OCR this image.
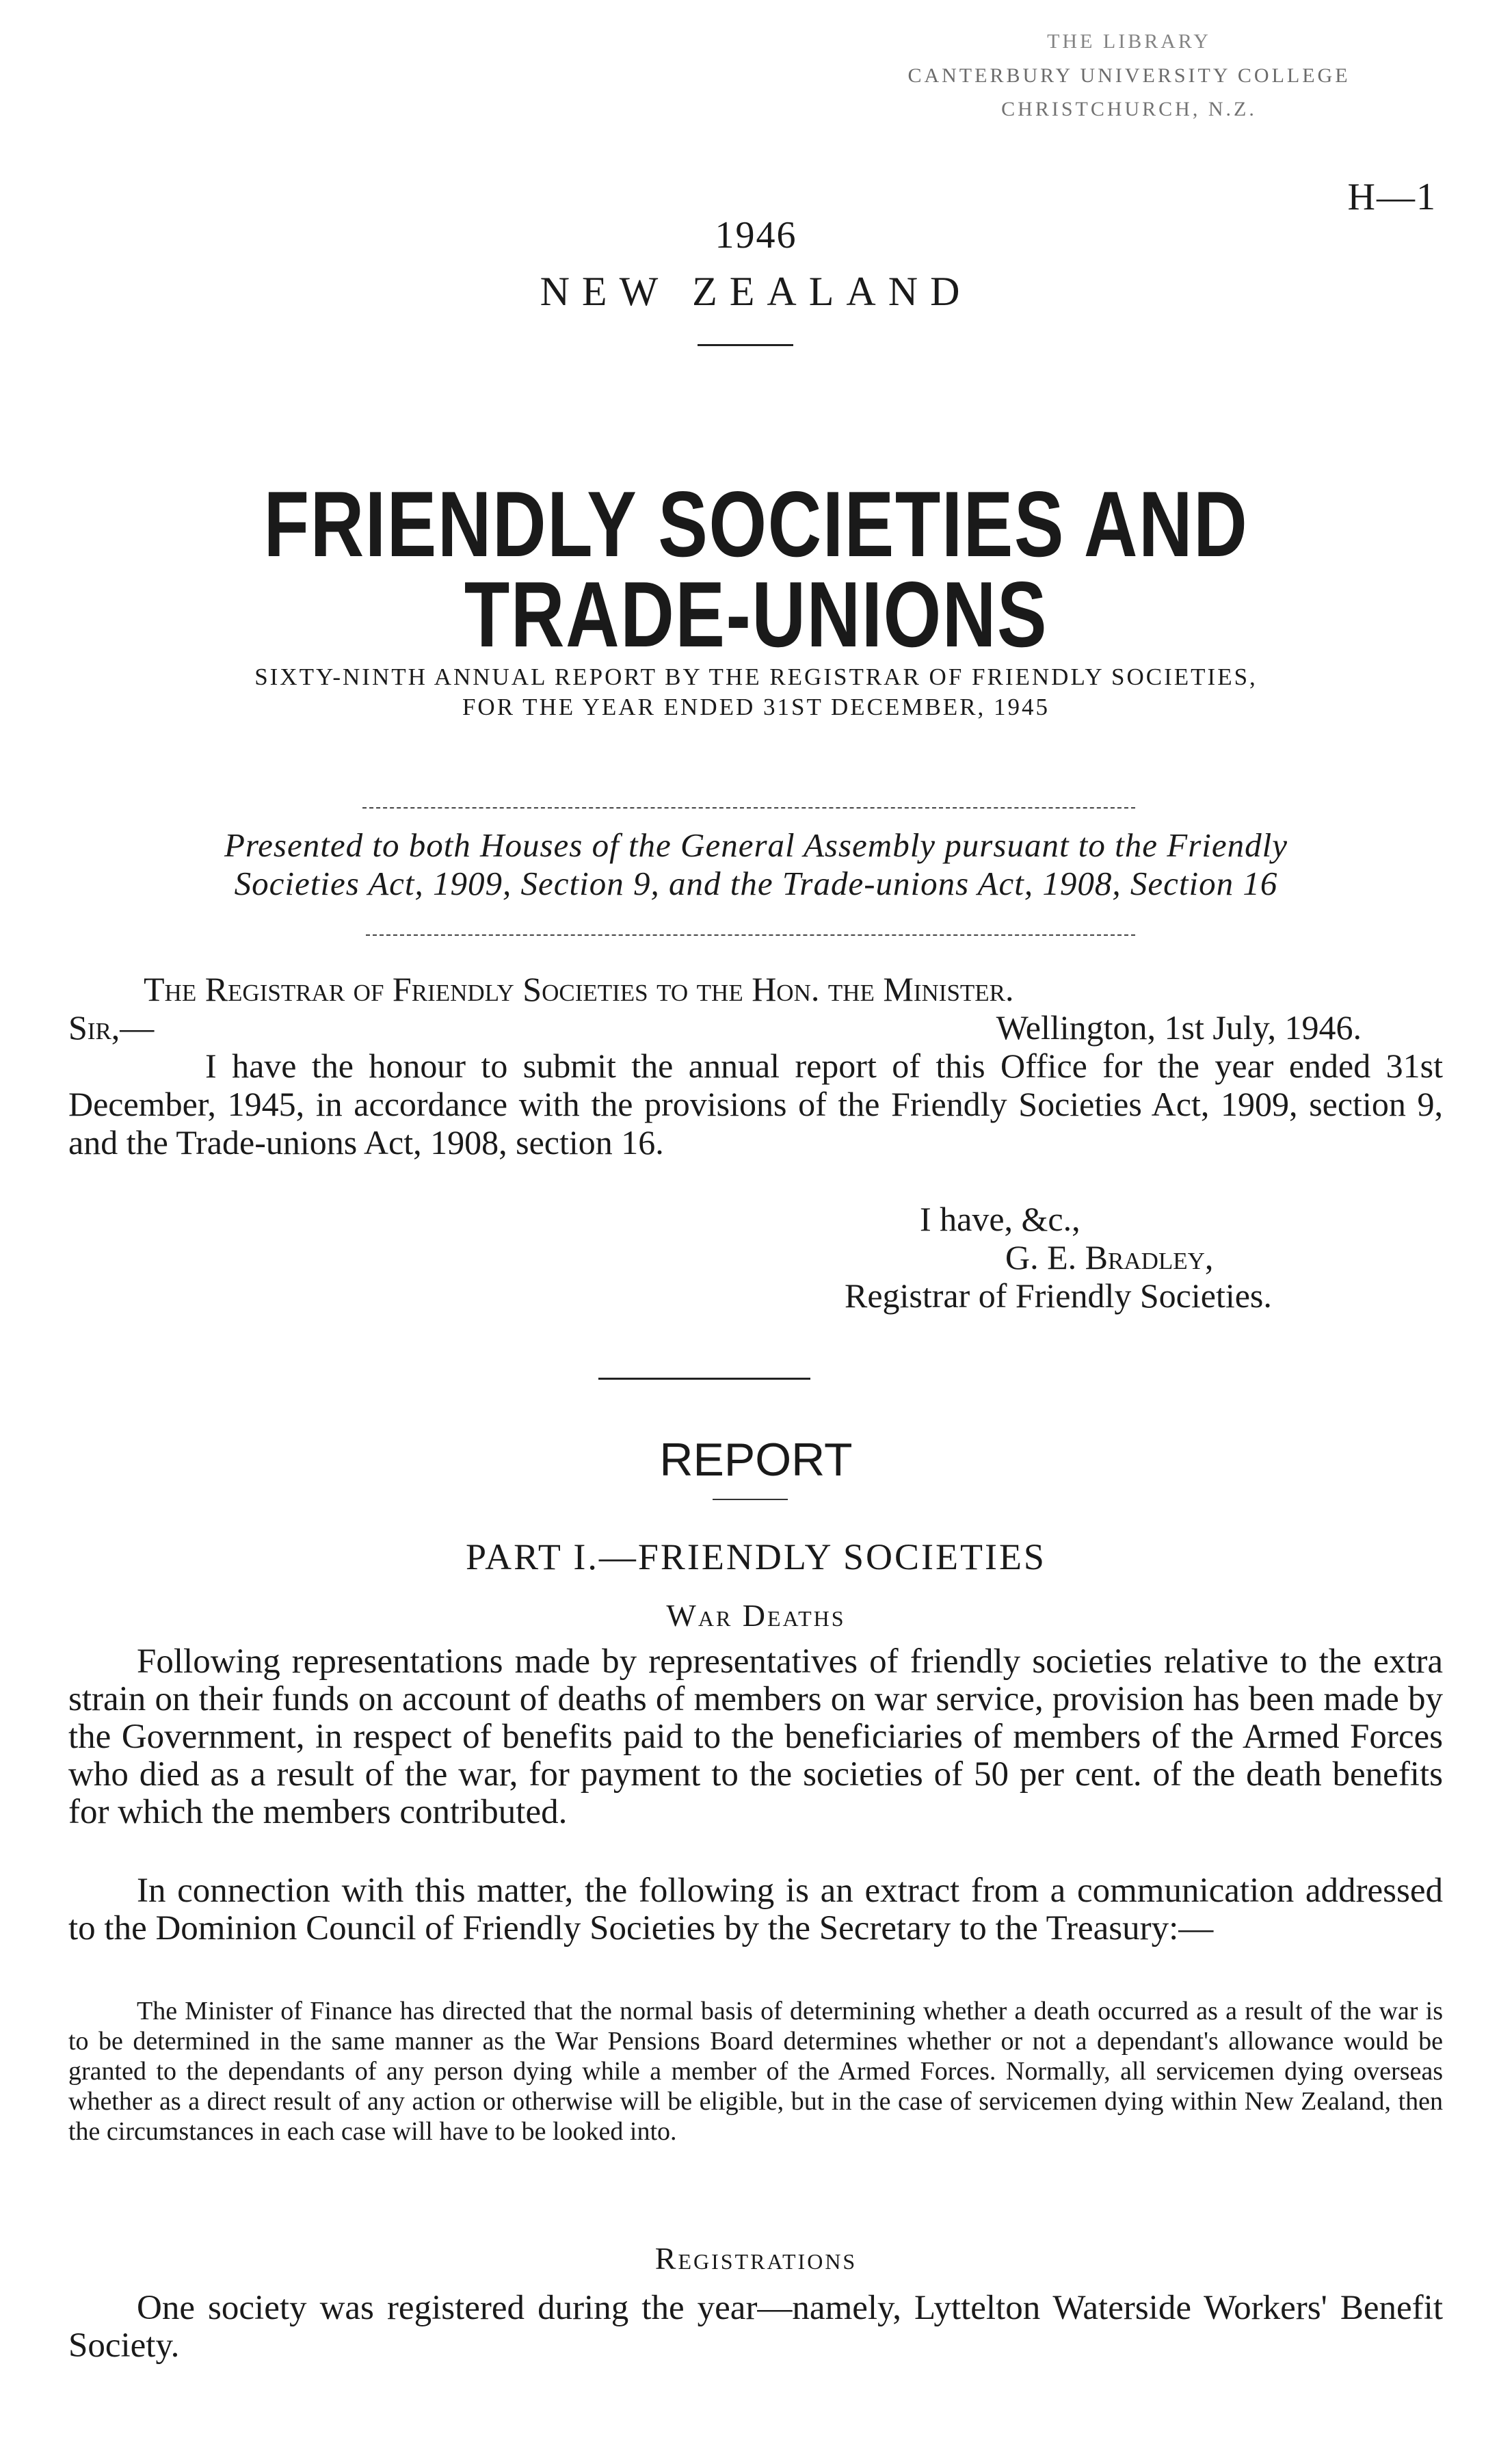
THE LIBRARY
CANTERBURY UNIVERSITY COLLEGE
CHRISTCHURCH, N.Z.
H—1
1946
NEW ZEALAND
FRIENDLY SOCIETIES AND
TRADE-UNIONS
SIXTY-NINTH ANNUAL REPORT BY THE REGISTRAR OF FRIENDLY SOCIETIES,
FOR THE YEAR ENDED 31ST DECEMBER, 1945
Presented to both Houses of the General Assembly pursuant to the Friendly
Societies Act, 1909, Section 9, and the Trade-unions Act, 1908, Section 16
The Registrar of Friendly Societies to the Hon. the Minister.
Sir,—	Wellington, 1st July, 1946.
I have the honour to submit the annual report of this Office for the year ended 31st December, 1945, in accordance with the provisions of the Friendly Societies Act, 1909, section 9, and the Trade-unions Act, 1908, section 16.
I have, &c.,
G. E. Bradley,
Registrar of Friendly Societies.
REPORT
PART I.—FRIENDLY SOCIETIES
War Deaths
Following representations made by representatives of friendly societies relative to the extra strain on their funds on account of deaths of members on war service, provision has been made by the Government, in respect of benefits paid to the beneficiaries of members of the Armed Forces who died as a result of the war, for payment to the societies of 50 per cent. of the death benefits for which the members contributed.
In connection with this matter, the following is an extract from a communication addressed to the Dominion Council of Friendly Societies by the Secretary to the Treasury:—
The Minister of Finance has directed that the normal basis of determining whether a death occurred as a result of the war is to be determined in the same manner as the War Pensions Board determines whether or not a dependant's allowance would be granted to the dependants of any person dying while a member of the Armed Forces. Normally, all servicemen dying overseas whether as a direct result of any action or otherwise will be eligible, but in the case of servicemen dying within New Zealand, then the circumstances in each case will have to be looked into.
Registrations
One society was registered during the year—namely, Lyttelton Waterside Workers' Benefit Society.
